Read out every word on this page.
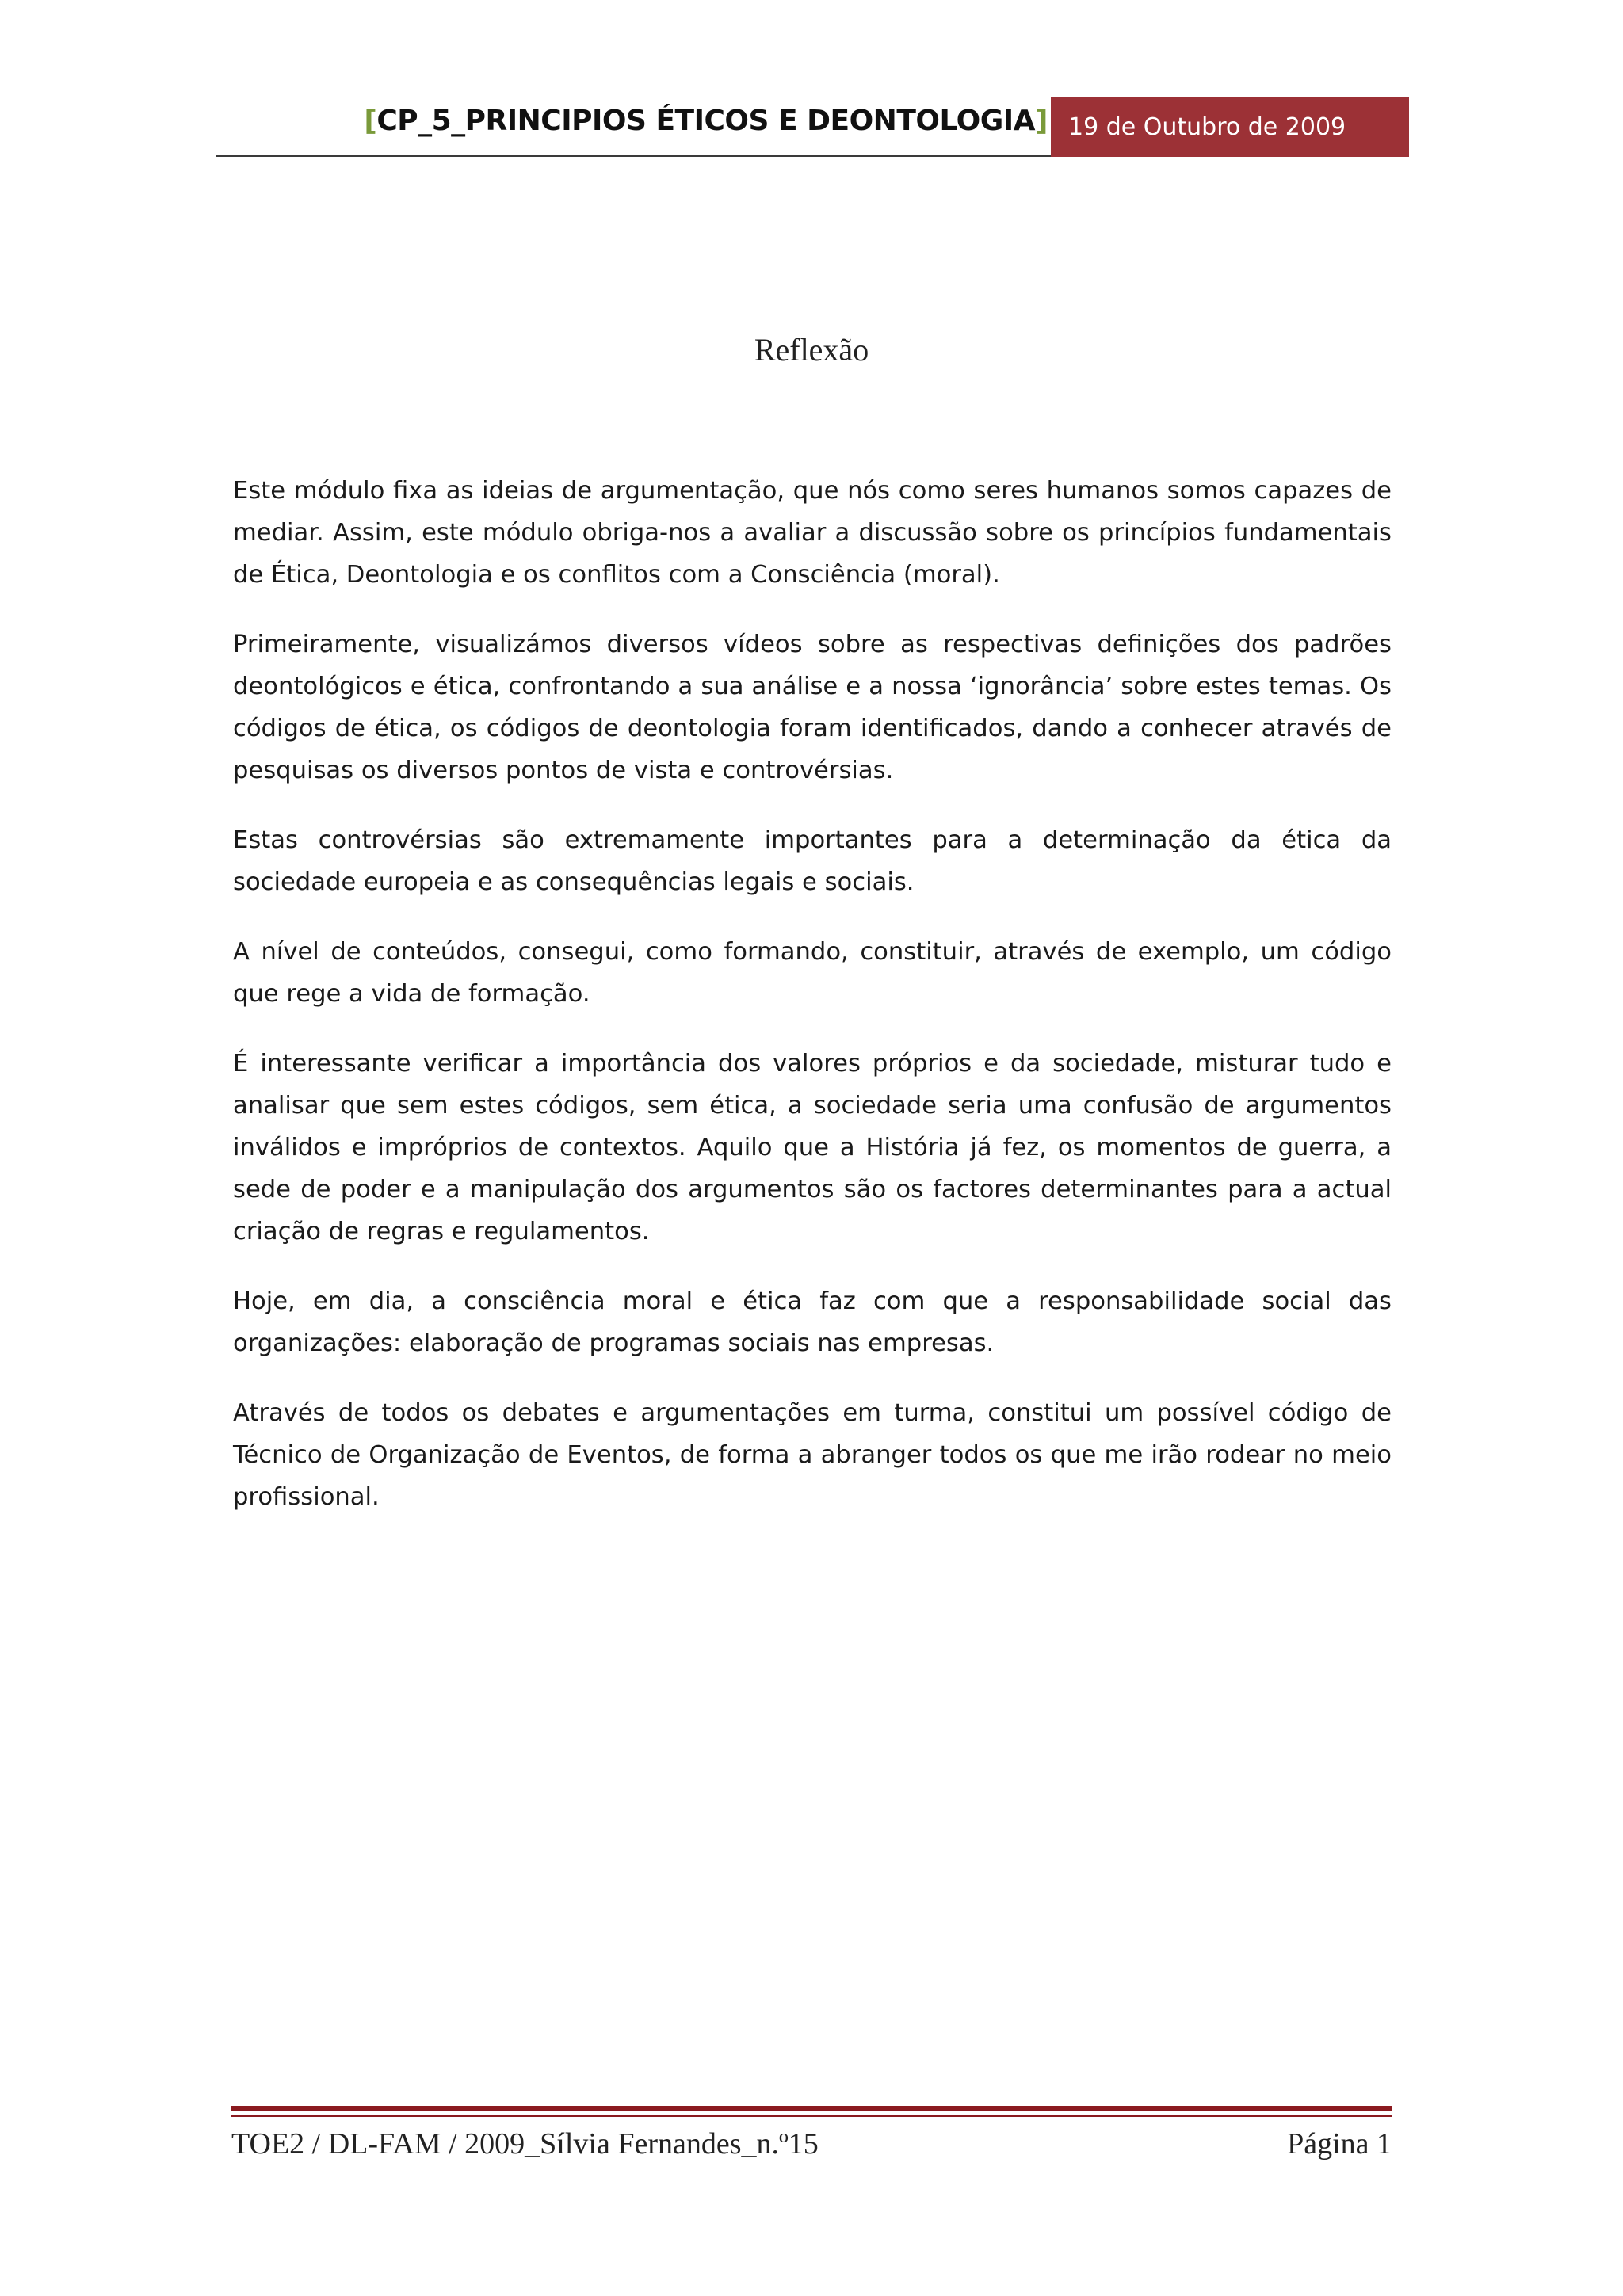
[CP_5_PRINCIPIOS ÉTICOS E DEONTOLOGIA] 19 de Outubro de 2009
Reflexão

Este módulo fixa as ideias de argumentação, que nós como seres humanos somos capazes de mediar. Assim, este módulo obriga-nos a avaliar a discussão sobre os princípios fundamentais de Ética, Deontologia e os conflitos com a Consciência (moral).

Primeiramente, visualizámos diversos vídeos sobre as respectivas definições dos padrões deontológicos e ética, confrontando a sua análise e a nossa ‘ignorância’ sobre estes temas. Os códigos de ética, os códigos de deontologia foram identificados, dando a conhecer através de pesquisas os diversos pontos de vista e controvérsias.

Estas controvérsias são extremamente importantes para a determinação da ética da sociedade europeia e as consequências legais e sociais.

A nível de conteúdos, consegui, como formando, constituir, através de exemplo, um código que rege a vida de formação.

É interessante verificar a importância dos valores próprios e da sociedade, misturar tudo e analisar que sem estes códigos, sem ética, a sociedade seria uma confusão de argumentos inválidos e impróprios de contextos. Aquilo que a História já fez, os momentos de guerra, a sede de poder e a manipulação dos argumentos são os factores determinantes para a actual criação de regras e regulamentos.

Hoje, em dia, a consciência moral e ética faz com que a responsabilidade social das organizações: elaboração de programas sociais nas empresas.

Através de todos os debates e argumentações em turma, constitui um possível código de Técnico de Organização de Eventos, de forma a abranger todos os que me irão rodear no meio profissional.

TOE2 / DL-FAM / 2009_Sílvia Fernandes_n.º15	Página 1
